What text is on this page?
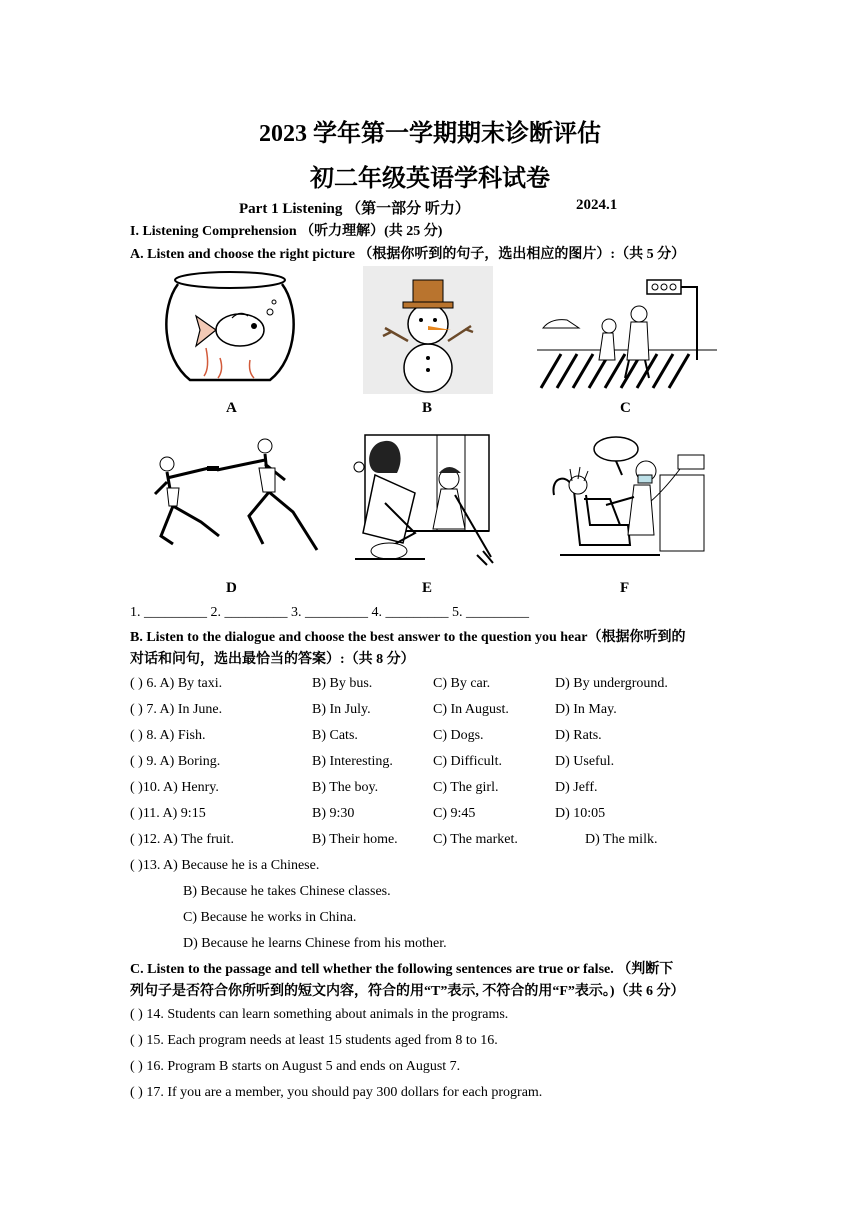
2023 学年第一学期期末诊断评估
初二年级英语学科试卷
Part 1 Listening （第一部分 听力）	2024.1
I. Listening Comprehension （听力理解）(共 25 分)
A. Listen and choose the right picture （根据你听到的句子，选出相应的图片）:（共 5 分）
A	B	C
D	E	F
1. _________ 2. _________ 3. _________ 4. _________ 5. _________
B. Listen to the dialogue and choose the best answer to the question you hear（根据你听到的
对话和问句，选出最恰当的答案）:（共 8 分）
( ) 6. A) By taxi.	B) By bus.	C) By car.	D) By underground.
( ) 7. A) In June.	B) In July.	C) In August.	D) In May.
( ) 8. A) Fish.	B) Cats.	C) Dogs.	D) Rats.
( ) 9. A) Boring.	B) Interesting.	C) Difficult.	D) Useful.
( )10. A) Henry.	B) The boy.	C) The girl.	D) Jeff.
( )11. A) 9:15	B) 9:30	C) 9:45	D) 10:05
( )12. A) The fruit.	B) Their home.	C) The market.	D) The milk.
( )13. A) Because he is a Chinese.
B) Because he takes Chinese classes.
C) Because he works in China.
D) Because he learns Chinese from his mother.
C. Listen to the passage and tell whether the following sentences are true or false. （判断下
列句子是否符合你所听到的短文内容，符合的用“T”表示, 不符合的用“F”表示。)（共 6 分）
( ) 14. Students can learn something about animals in the programs.
( ) 15. Each program needs at least 15 students aged from 8 to 16.
( ) 16. Program B starts on August 5 and ends on August 7.
( ) 17. If you are a member, you should pay 300 dollars for each program.
